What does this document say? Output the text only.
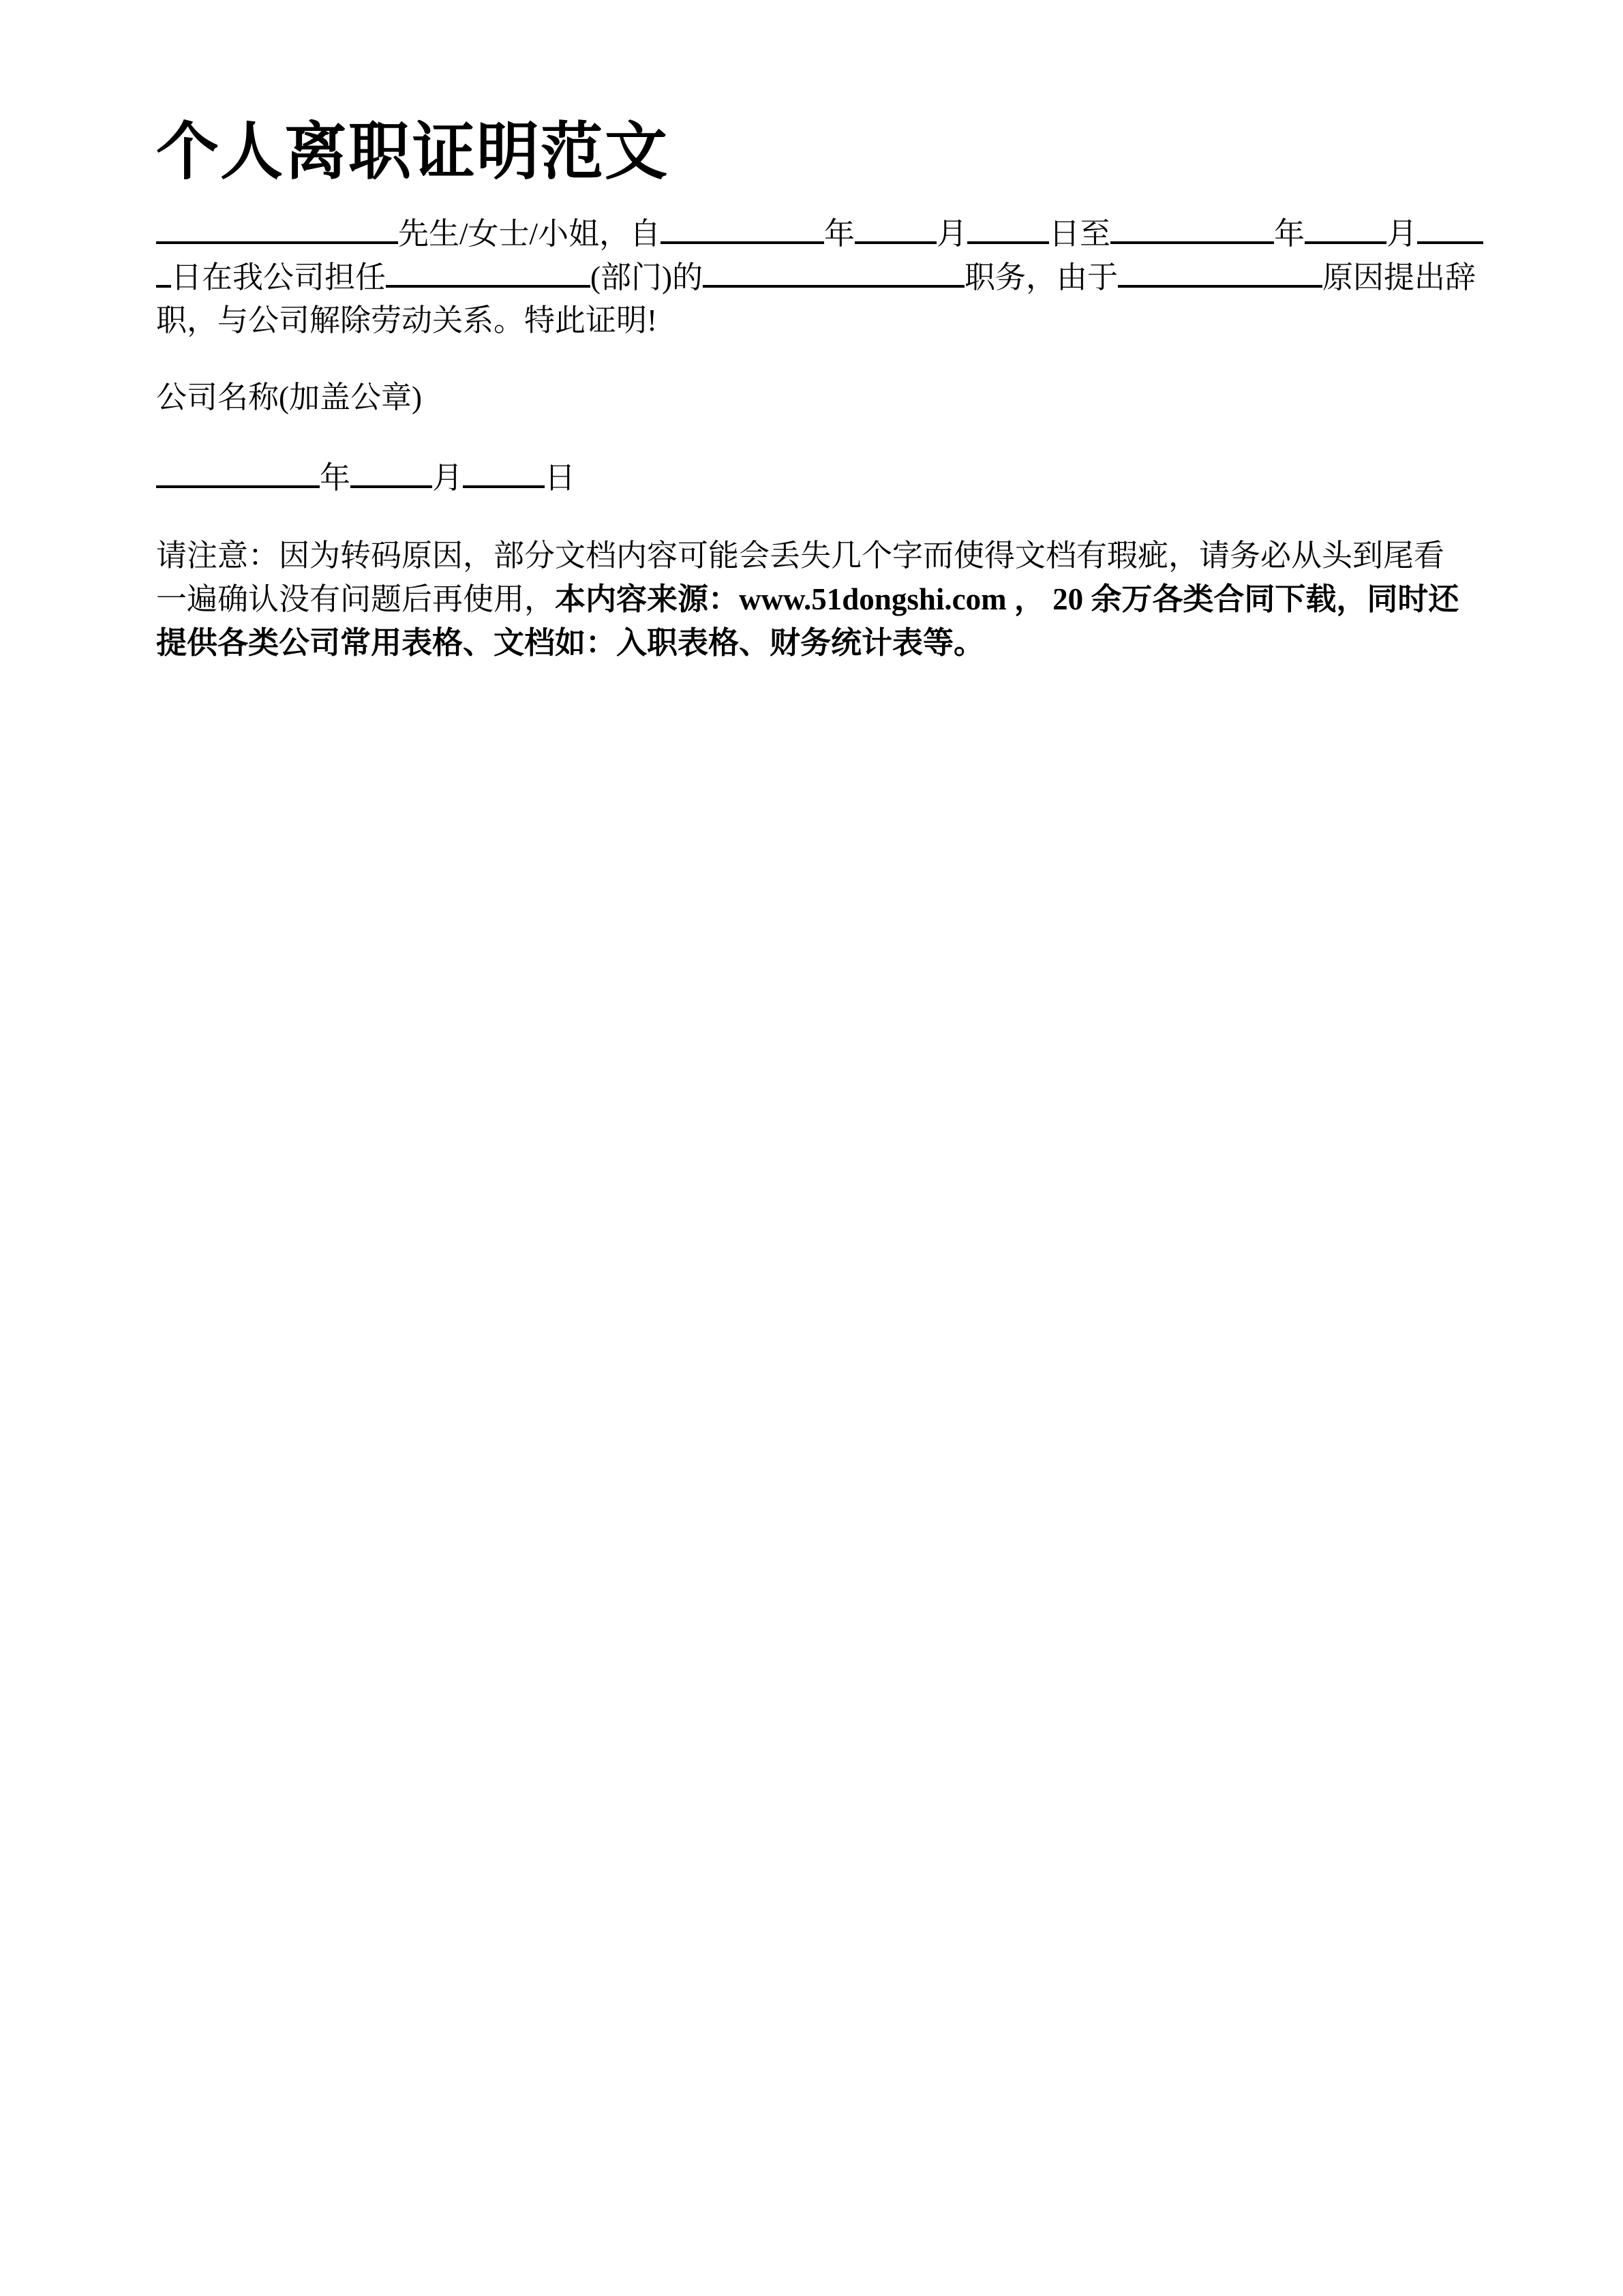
个人离职证明范文
先生/女士/小姐，自	年	月	日至	年	月
日在我公司担任	(部门)的	职务，由于	原因提出辞
职，与公司解除劳动关系。特此证明!
公司名称(加盖公章)
年	月	日
请注意：因为转码原因，部分文档内容可能会丢失几个字而使得文档有瑕疵，请务必从头到尾看
一遍确认没有问题后再使用，本内容来源：www.51dongshi.com ， 20 余万各类合同下载，同时还
提供各类公司常用表格、文档如：入职表格、财务统计表等。
